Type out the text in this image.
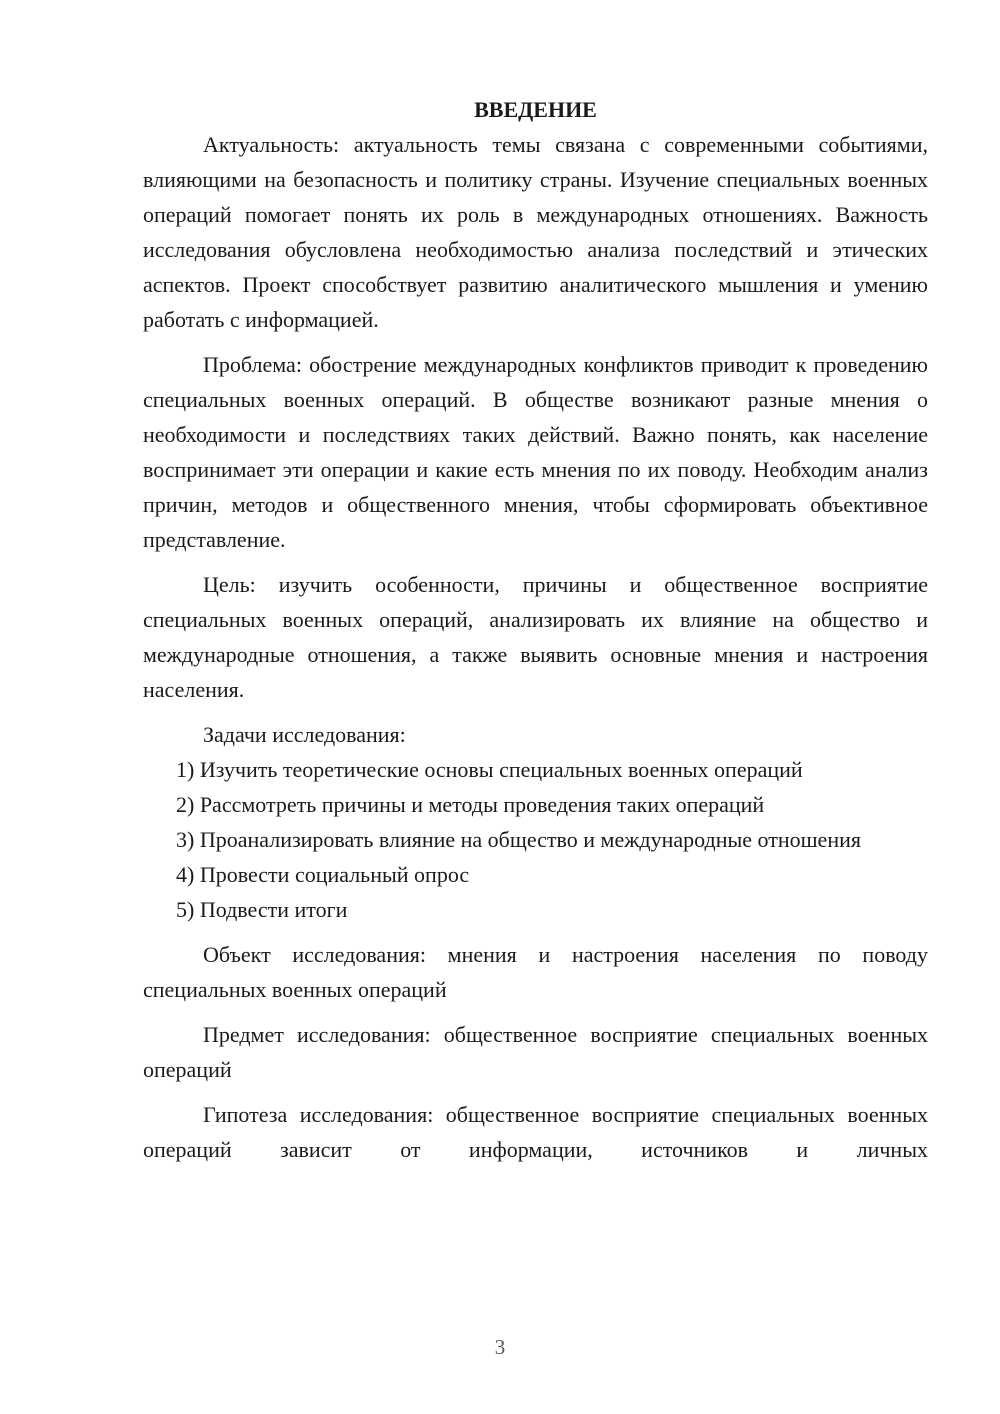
ВВЕДЕНИЕ

Актуальность: актуальность темы связана с современными событиями, влияющими на безопасность и политику страны. Изучение специальных военных операций помогает понять их роль в международных отношениях. Важность исследования обусловлена необходимостью анализа последствий и этических аспектов. Проект способствует развитию аналитического мышления и умению работать с информацией.

Проблема: обострение международных конфликтов приводит к проведению специальных военных операций. В обществе возникают разные мнения о необходимости и последствиях таких действий. Важно понять, как население воспринимает эти операции и какие есть мнения по их поводу. Необходим анализ причин, методов и общественного мнения, чтобы сформировать объективное представление.

Цель: изучить особенности, причины и общественное восприятие специальных военных операций, анализировать их влияние на общество и международные отношения, а также выявить основные мнения и настроения населения.

Задачи исследования:

1) Изучить теоретические основы специальных военных операций

2) Рассмотреть причины и методы проведения таких операций

3) Проанализировать влияние на общество и международные отношения

4) Провести социальный опрос

5) Подвести итоги

Объект исследования: мнения и настроения населения по поводу специальных военных операций

Предмет исследования: общественное восприятие специальных военных операций

Гипотеза исследования: общественное восприятие специальных военных операций зависит от информации, источников и личных

3
